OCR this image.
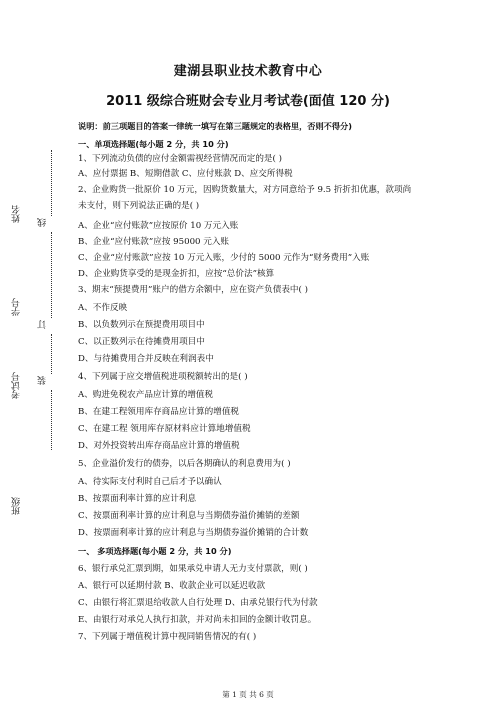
建湖县职业技术教育中心
2011 级综合班财会专业月考试卷(面值 120 分)
说明：前三项题目的答案一律统一填写在第三题规定的表格里，否则不得分)
一、单项选择题(每小题 2 分，共 10 分)
1、下列流动负债的应付金额需视经营情况而定的是( )
A、应付票据 B、短期借款 C、应付账款 D、应交所得税
2、企业购货一批原价 10 万元，因购货数量大，对方同意给予 9.5 折折扣优惠，款项尚
未支付，则下列说法正确的是( )
A、企业“应付账款”应按原价 10 万元入账
B、企业“应付账款”应按 95000 元入账
C、企业“应付账款”应按 10 万元入账，少付的 5000 元作为“财务费用”入账
D、企业购货享受的是现金折扣，应按“总价法”核算
3、期末“预提费用”账户的借方余额中，应在资产负债表中( )
A、不作反映
B、以负数列示在预提费用项目中
C、以正数列示在待摊费用项目中
D、与待摊费用合并反映在利润表中
4、下列属于应交增值税进项税额转出的是( )
A、购进免税农产品应计算的增值税
B、在建工程领用库存商品应计算的增值税
C、在建工程 领用库存原材料应计算地增值税
D、对外投资转出库存商品应计算的增值税
5、企业溢价发行的债券，以后各期确认的利息费用为( )
A、待实际支付利时自己后才予以确认
B、按票面利率计算的应计利息
C、按票面利率计算的应计利息与当期债券溢价摊销的差额
D、按票面利率计算的应计利息与当期债券溢价摊销的合计数
一、 多项选择题(每小题 2 分，共 10 分)
6、银行承兑汇票到期，如果承兑申请人无力支付票款，则( )
A、银行可以延期付款 B、收款企业可以延迟收款
C、由银行将汇票退给收款人自行处理 D、由承兑银行代为付款
E、由银行对承兑人执行扣款，并对尚未扣回的金额计收罚息。
7、下列属于增值税计算中视同销售情况的有( )
姓名
学号
考试号
班级
线
订
装
第 1 页 共 6 页
